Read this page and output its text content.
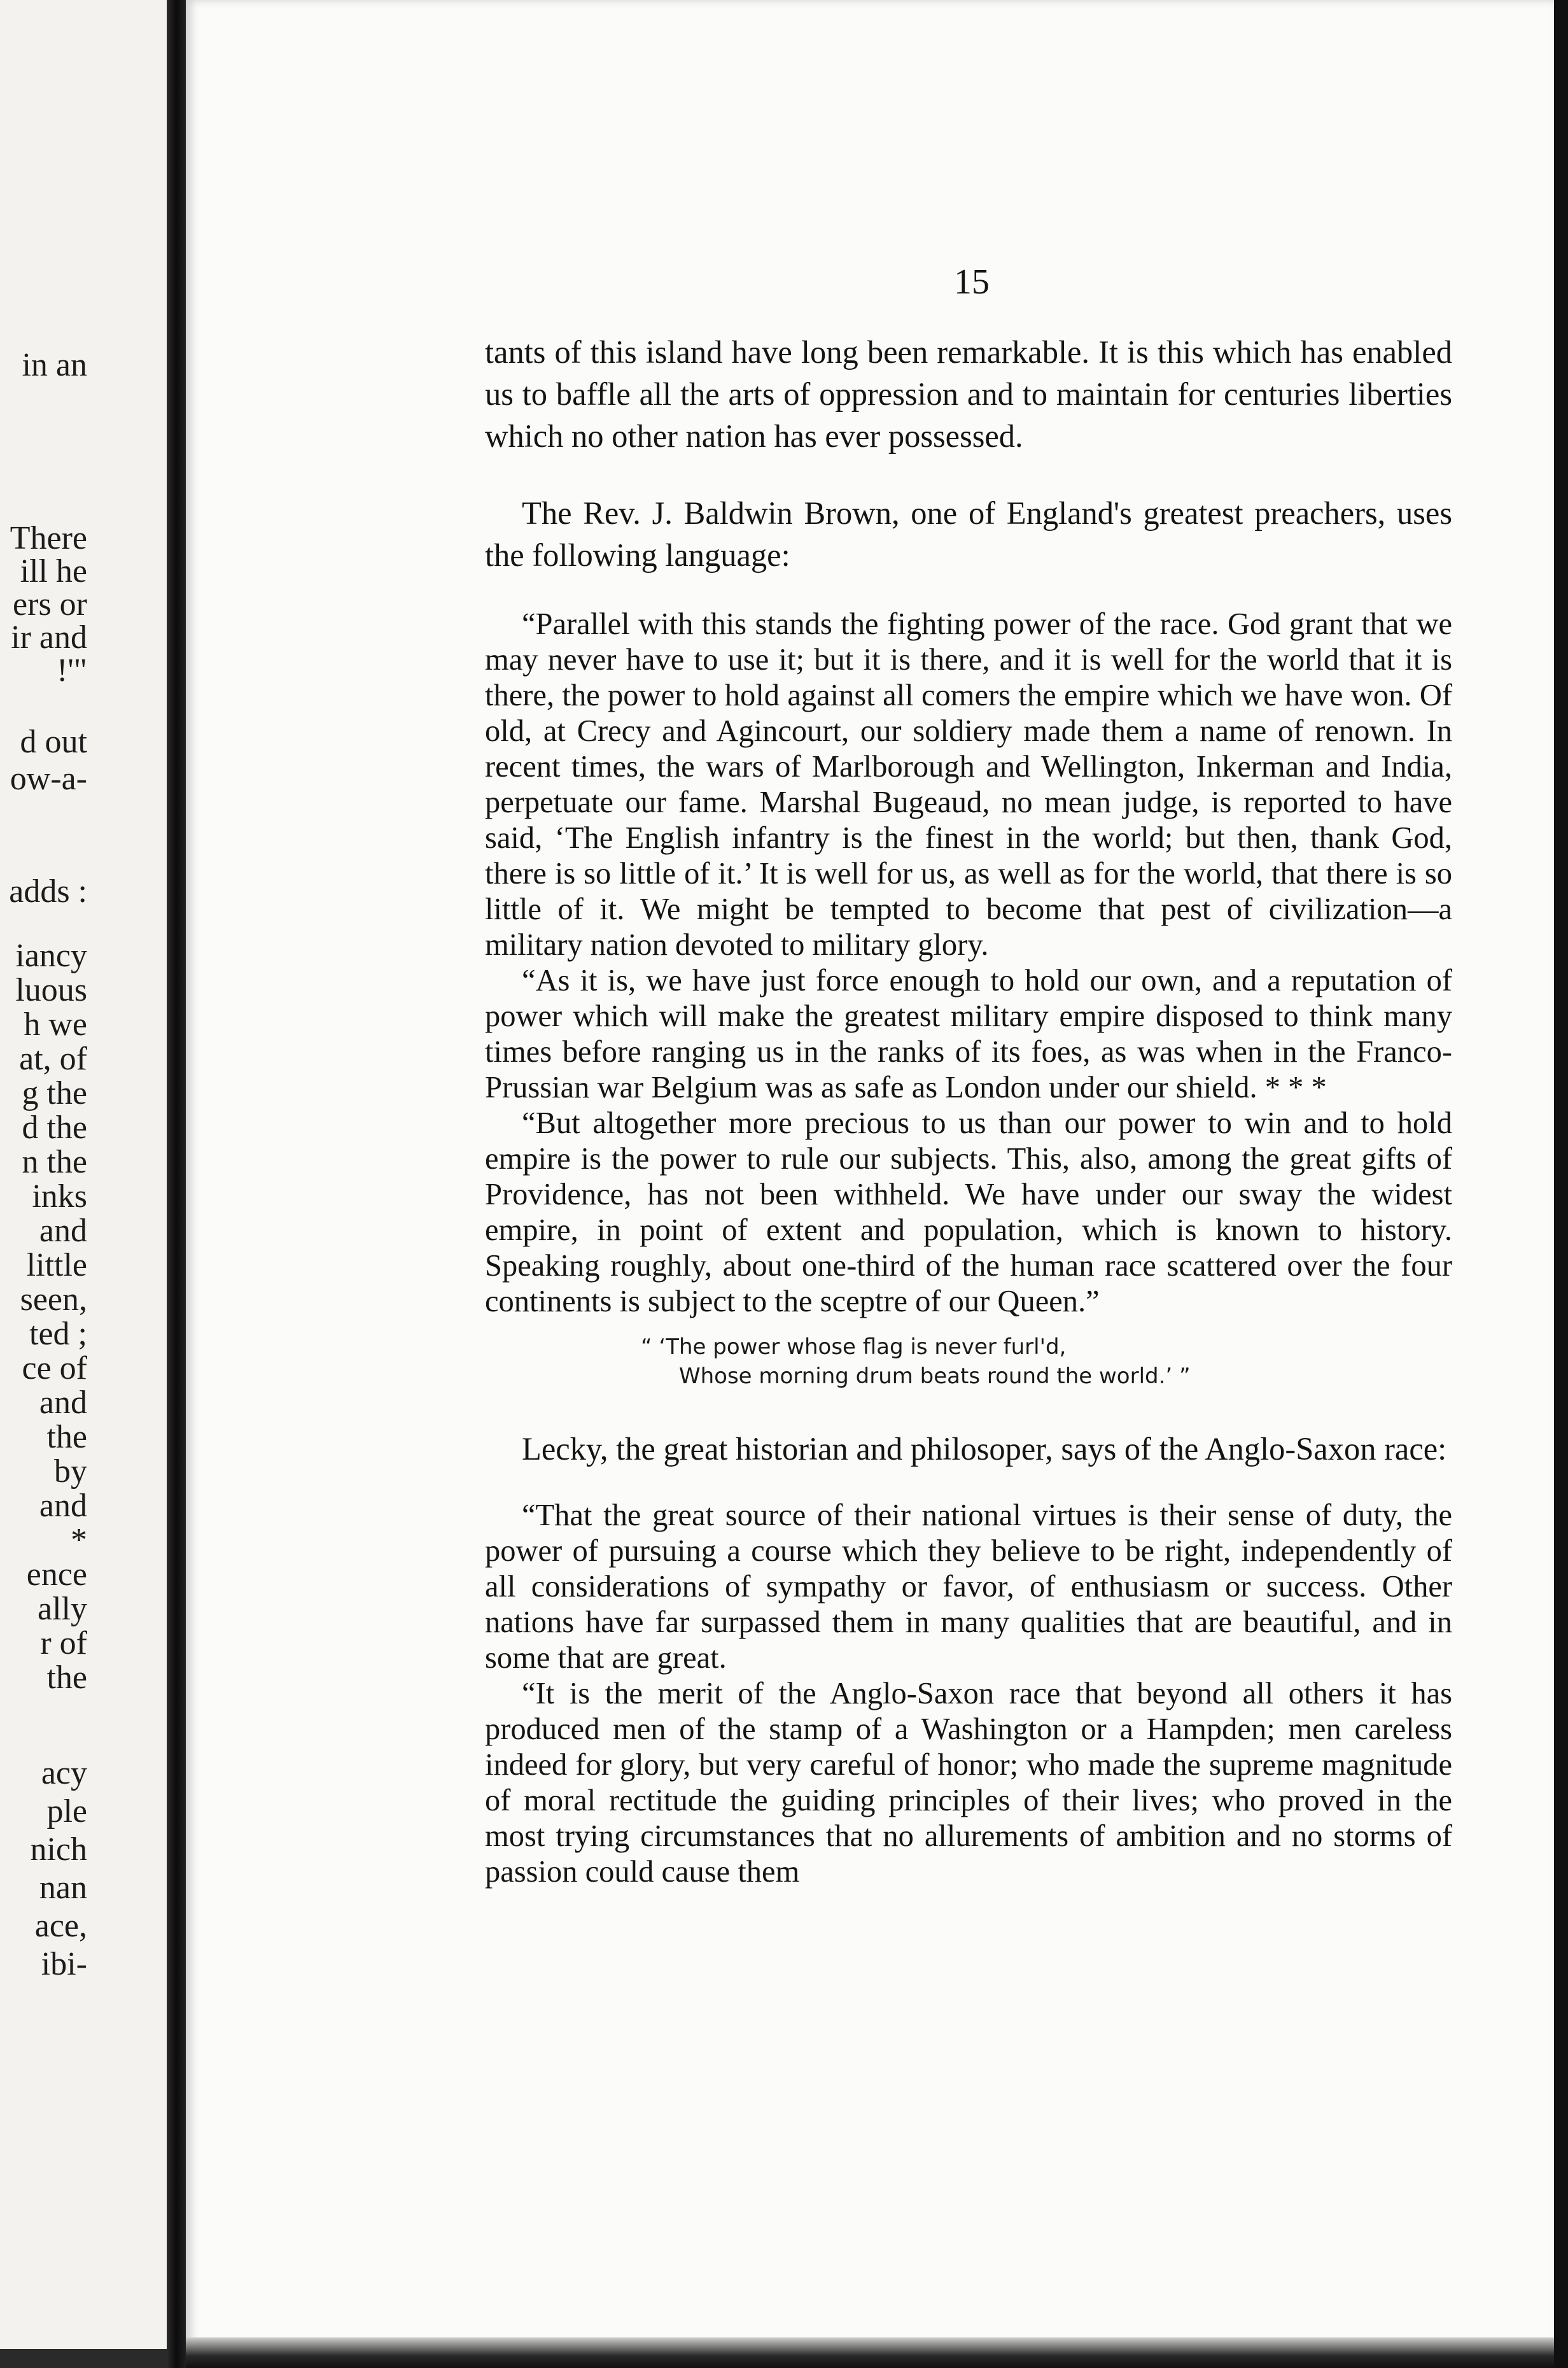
in an
There
ill he
ers or
ir and
!'"
d out
ow-a-
adds :
iancy
luous
h we
at, of
g the
d the
n the
inks
and
little
seen,
ted ;
ce of
and
the
by
and
*
ence
ally
r of
the
acy
ple
nich
nan
ace,
ibi-
15

tants of this island have long been remarkable. It is this which has enabled us to baffle all the arts of oppression and to maintain for centuries liberties which no other nation has ever possessed.

The Rev. J. Baldwin Brown, one of England's greatest preachers, uses the following language:

“Parallel with this stands the fighting power of the race. God grant that we may never have to use it; but it is there, and it is well for the world that it is there, the power to hold against all comers the empire which we have won. Of old, at Crecy and Agincourt, our soldiery made them a name of renown. In recent times, the wars of Marlborough and Wellington, Inkerman and India, perpetuate our fame. Marshal Bugeaud, no mean judge, is reported to have said, ‘The English infantry is the finest in the world; but then, thank God, there is so little of it.’ It is well for us, as well as for the world, that there is so little of it. We might be tempted to become that pest of civilization—a military nation devoted to military glory.

“As it is, we have just force enough to hold our own, and a reputation of power which will make the greatest military empire disposed to think many times before ranging us in the ranks of its foes, as was when in the Franco-Prussian war Belgium was as safe as London under our shield. * * *

“But altogether more precious to us than our power to win and to hold empire is the power to rule our subjects. This, also, among the great gifts of Providence, has not been withheld. We have under our sway the widest empire, in point of extent and population, which is known to history. Speaking roughly, about one-third of the human race scattered over the four continents is subject to the sceptre of our Queen.”

“ ‘The power whose flag is never furl'd,
Whose morning drum beats round the world.’ ”

Lecky, the great historian and philosoper, says of the Anglo-Saxon race:

“That the great source of their national virtues is their sense of duty, the power of pursuing a course which they believe to be right, independently of all considerations of sympathy or favor, of enthusiasm or success. Other nations have far surpassed them in many qualities that are beautiful, and in some that are great.

“It is the merit of the Anglo-Saxon race that beyond all others it has produced men of the stamp of a Washington or a Hampden; men careless indeed for glory, but very careful of honor; who made the supreme magnitude of moral rectitude the guiding principles of their lives; who proved in the most trying circumstances that no allurements of ambition and no storms of passion could cause them
